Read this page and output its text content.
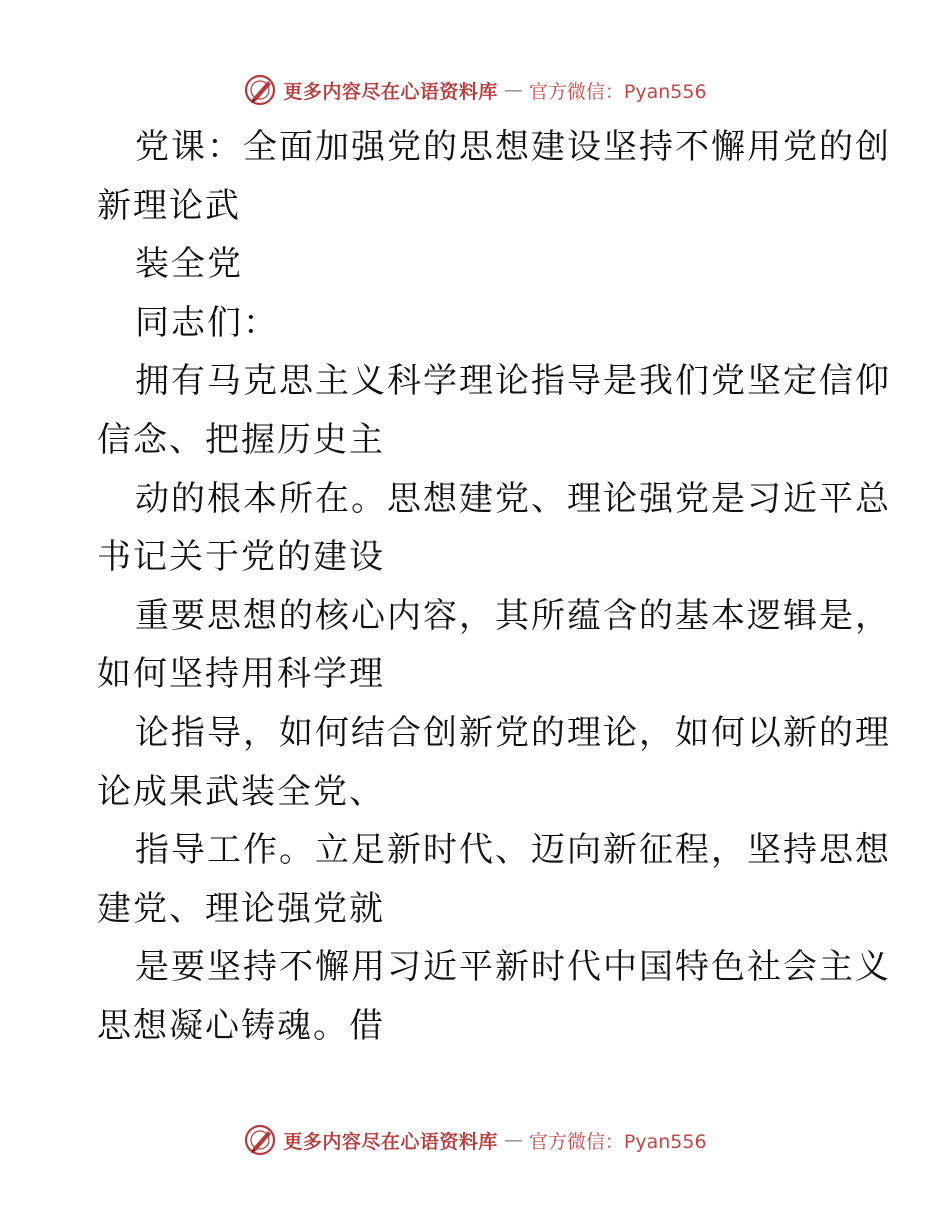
更多内容尽在心语资料库 — 官方微信：Pyan556
党课：全面加强党的思想建设坚持不懈用党的创
新理论武
装全党
同志们：
拥有马克思主义科学理论指导是我们党坚定信仰
信念、把握历史主
动的根本所在。思想建党、理论强党是习近平总
书记关于党的建设
重要思想的核心内容，其所蕴含的基本逻辑是，
如何坚持用科学理
论指导，如何结合创新党的理论，如何以新的理
论成果武装全党、
指导工作。立足新时代、迈向新征程，坚持思想
建党、理论强党就
是要坚持不懈用习近平新时代中国特色社会主义
思想凝心铸魂。借
更多内容尽在心语资料库 — 官方微信：Pyan556
